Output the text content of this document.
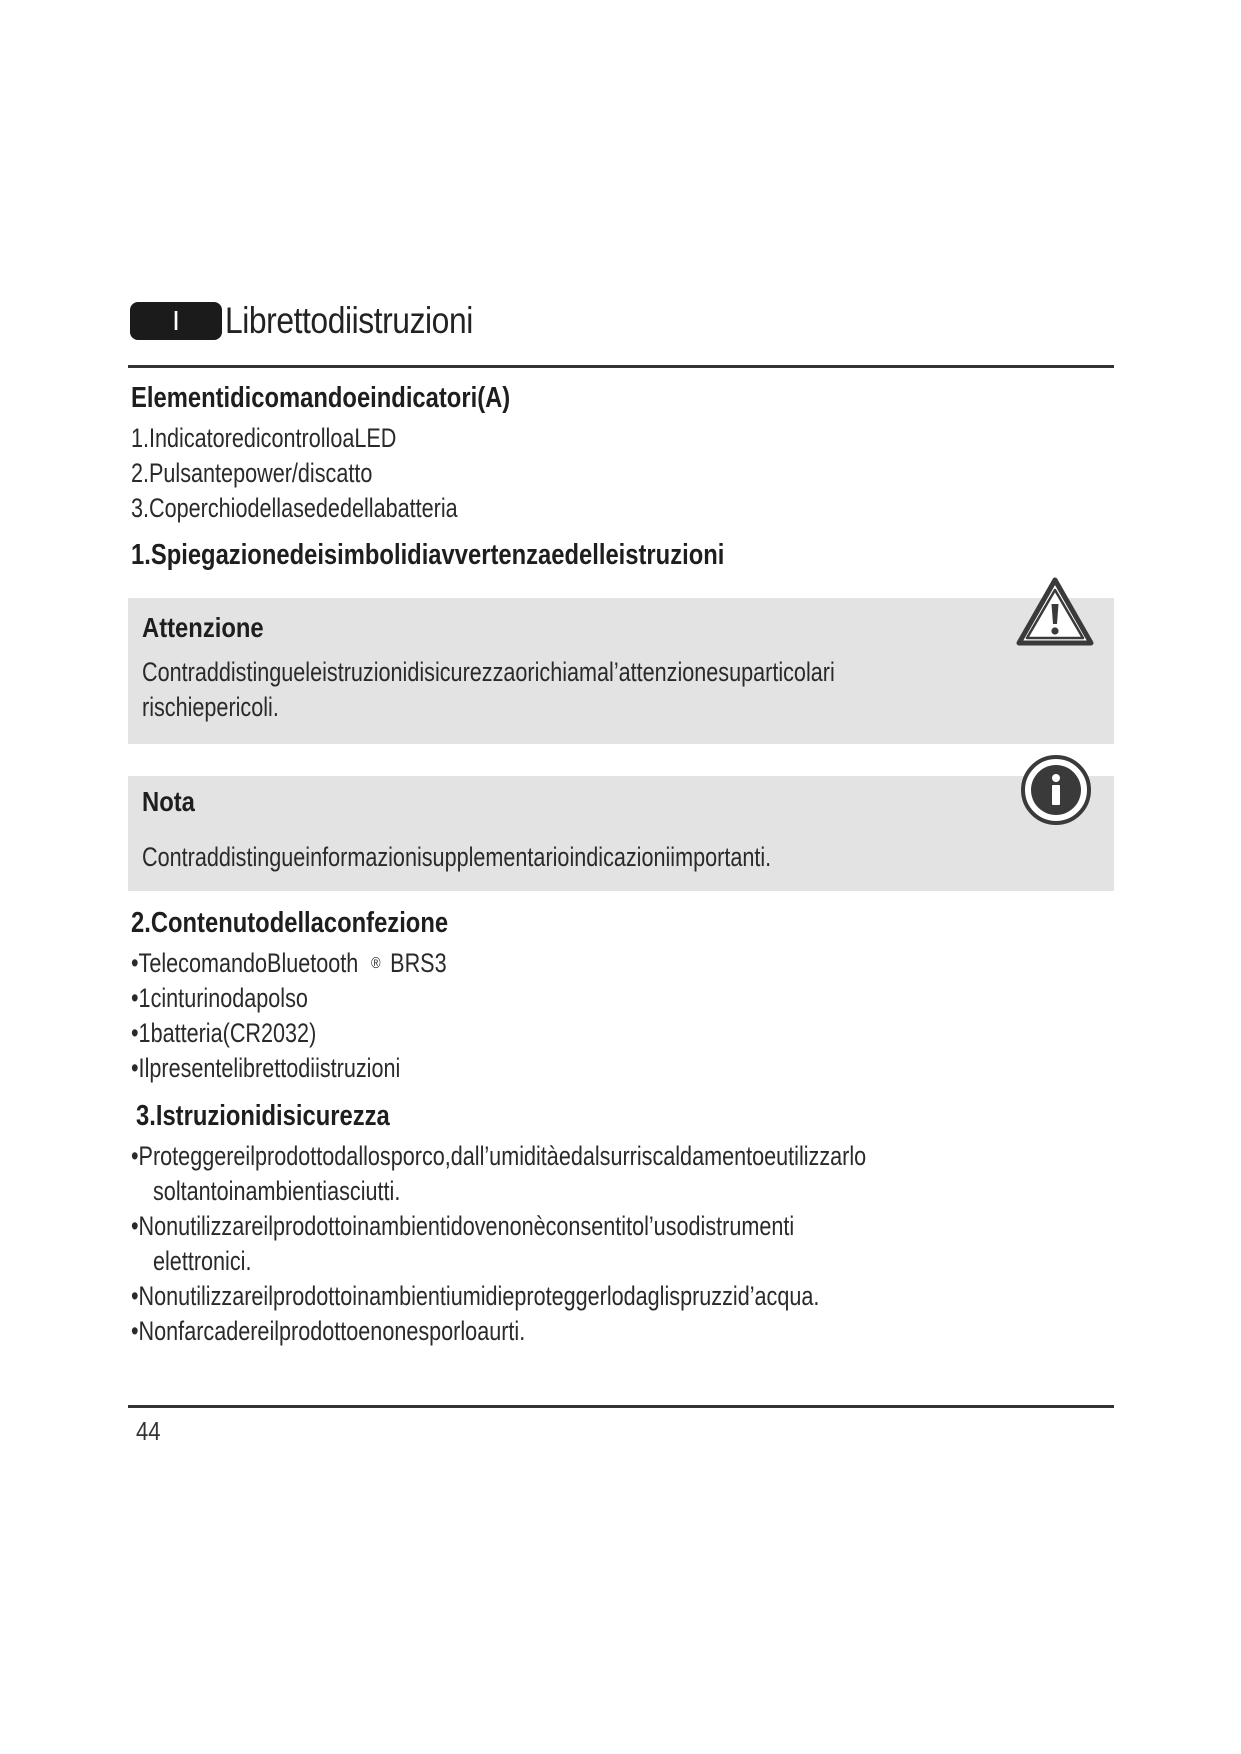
I	Librettodiistruzioni
Elementidicomandoeindicatori(A)
1.IndicatoredicontrolloaLED
2.Pulsantepower/discatto
3.Coperchiodellasededellabatteria
1.Spiegazionedeisimbolidiavvertenzaedelleistruzioni
Attenzione
Contraddistingueleistruzionidisicurezzaorichiamal’attenzionesuparticolari
rischiepericoli.
Nota
Contraddistingueinformazionisupplementarioindicazioniimportanti.
2.Contenutodellaconfezione
•TelecomandoBluetooth ® BRS3
•1cinturinodapolso
•1batteria(CR2032)
•Ilpresentelibrettodiistruzioni
3.Istruzionidisicurezza
•Proteggereilprodottodallosporco,dall’umiditàedalsurriscaldamentoeutilizzarlo
soltantoinambientiasciutti.
•Nonutilizzareilprodottoinambientidovenonèconsentitol’usodistrumenti
elettronici.
•Nonutilizzareilprodottoinambientiumidieproteggerlodaglispruzzid’acqua.
•Nonfarcadereilprodottoenonesporloaurti.
44
